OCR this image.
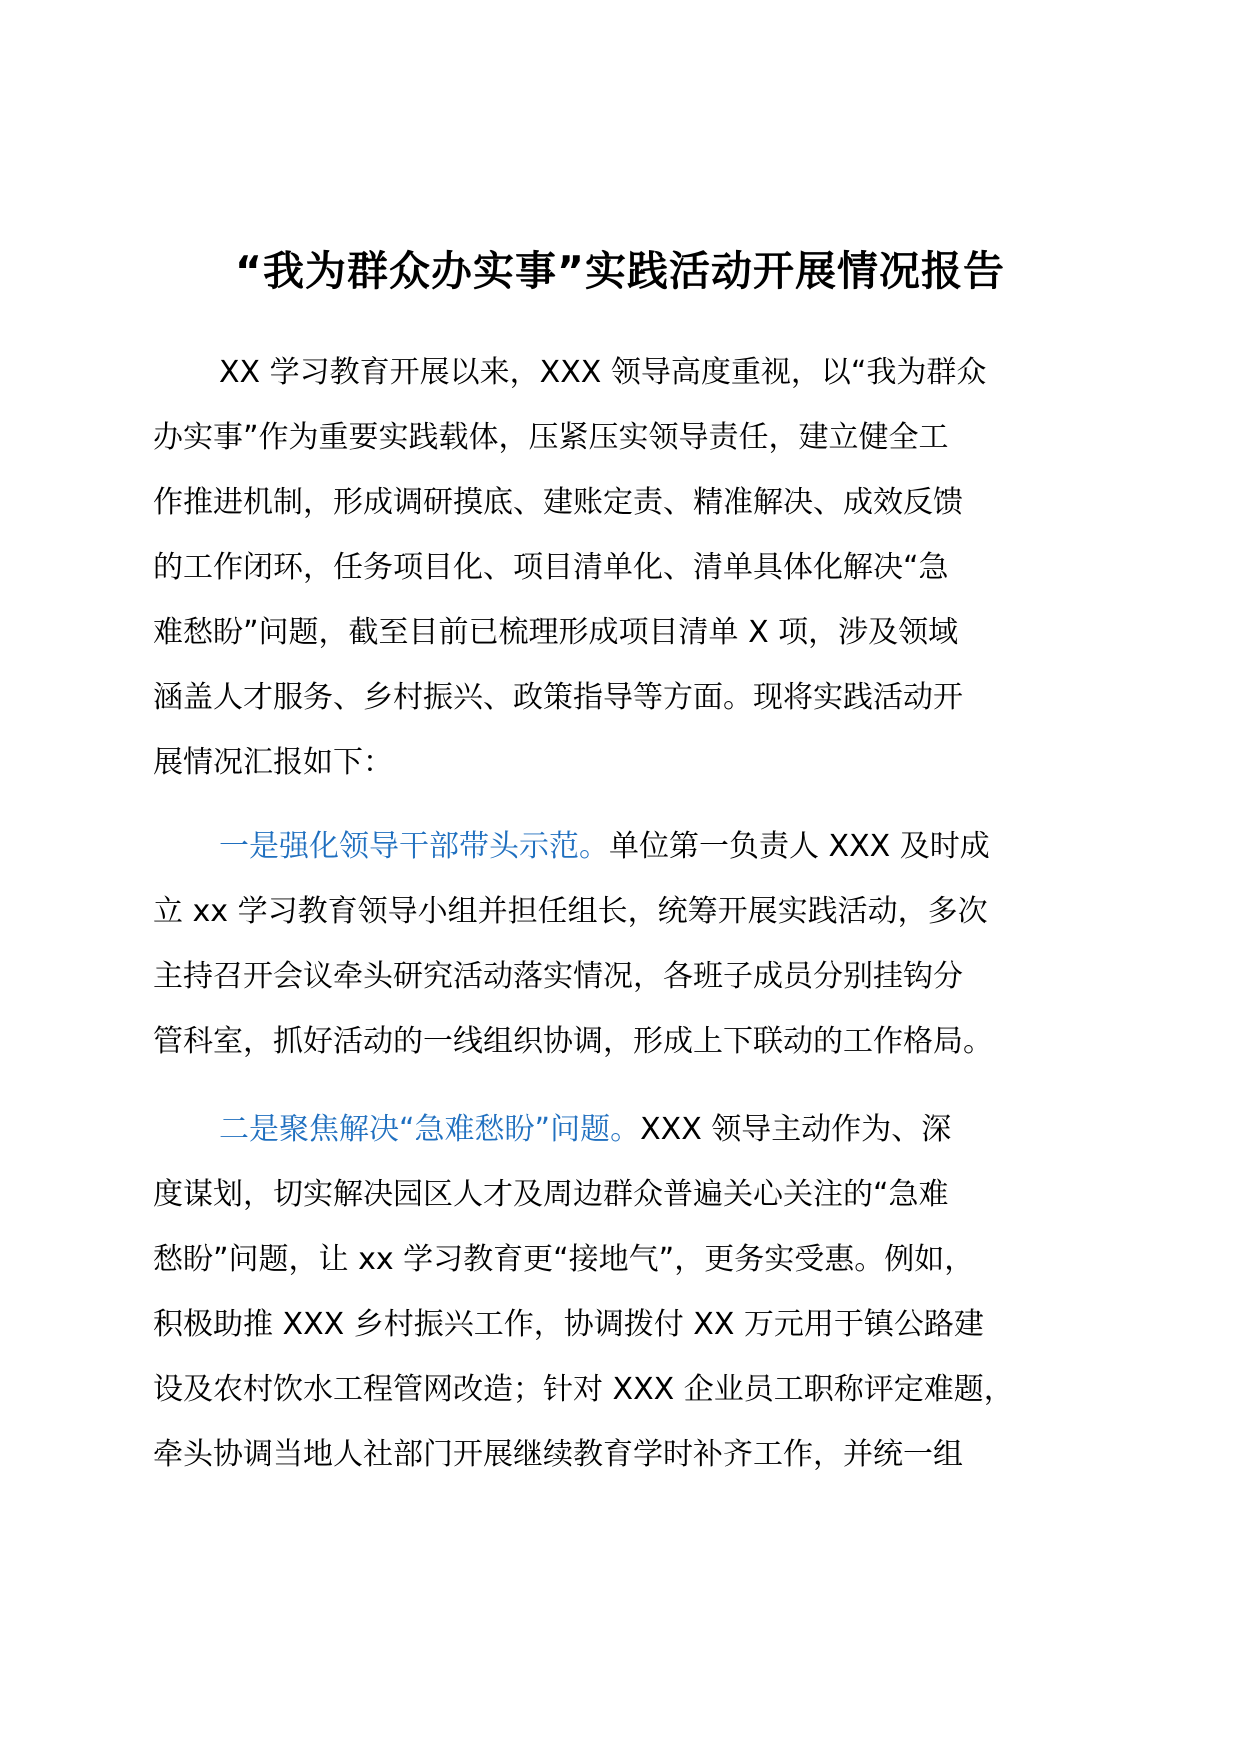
“我为群众办实事”实践活动开展情况报告
XX 学习教育开展以来，XXX 领导高度重视，以“我为群众
办实事”作为重要实践载体，压紧压实领导责任，建立健全工
作推进机制，形成调研摸底、建账定责、精准解决、成效反馈
的工作闭环，任务项目化、项目清单化、清单具体化解决“急
难愁盼”问题，截至目前已梳理形成项目清单 X 项，涉及领域
涵盖人才服务、乡村振兴、政策指导等方面。现将实践活动开
展情况汇报如下：
一是强化领导干部带头示范。单位第一负责人 XXX 及时成
立 xx 学习教育领导小组并担任组长，统筹开展实践活动，多次
主持召开会议牵头研究活动落实情况，各班子成员分别挂钩分
管科室，抓好活动的一线组织协调，形成上下联动的工作格局。
二是聚焦解决“急难愁盼”问题。XXX 领导主动作为、深
度谋划，切实解决园区人才及周边群众普遍关心关注的“急难
愁盼”问题，让 xx 学习教育更“接地气”，更务实受惠。例如，
积极助推 XXX 乡村振兴工作，协调拨付 XX 万元用于镇公路建
设及农村饮水工程管网改造；针对 XXX 企业员工职称评定难题，
牵头协调当地人社部门开展继续教育学时补齐工作，并统一组
